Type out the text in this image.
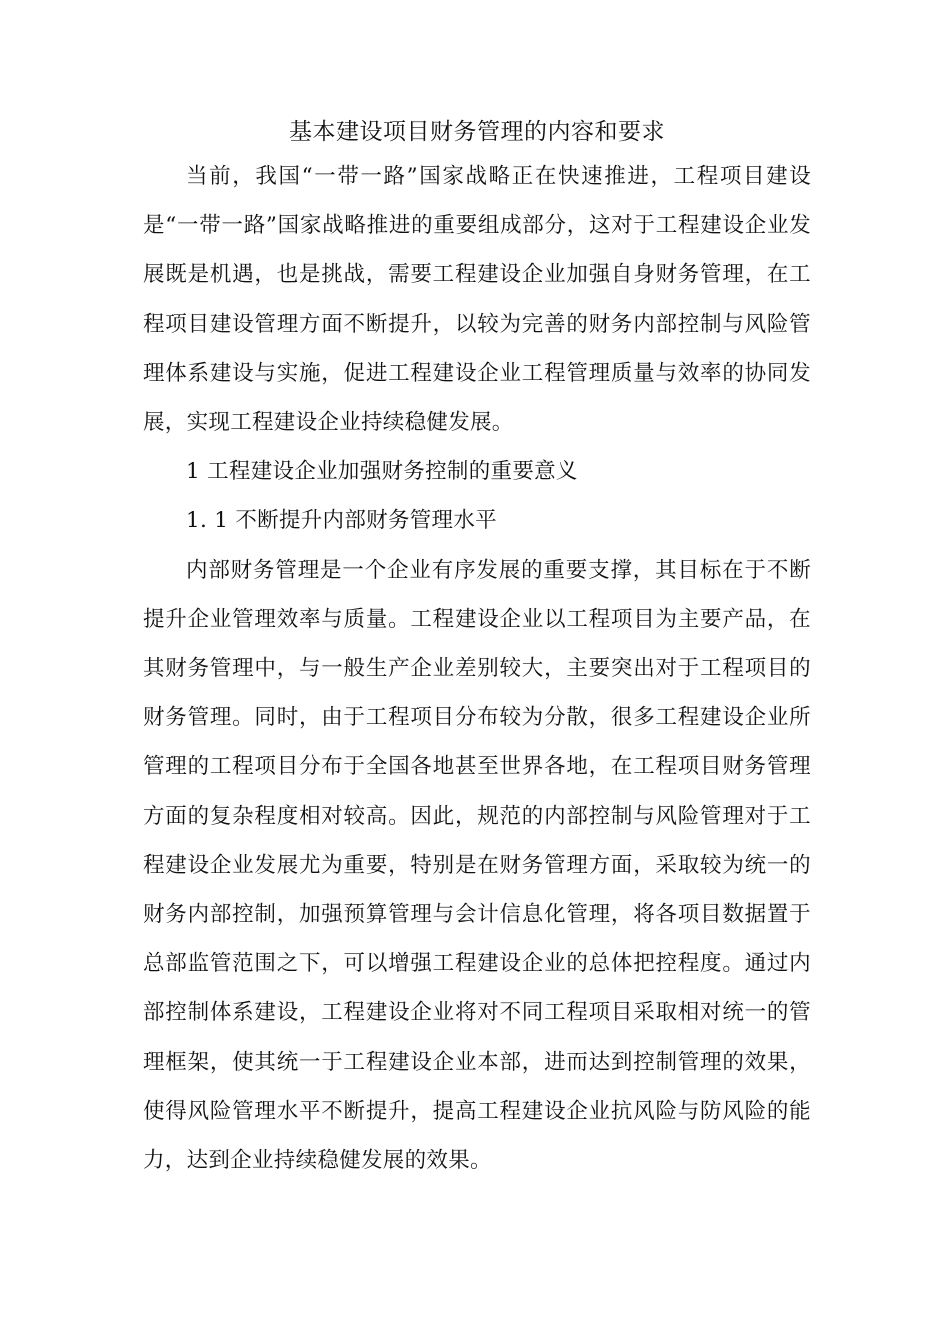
基本建设项目财务管理的内容和要求

当前，我国“一带一路”国家战略正在快速推进，工程项目建设是“一带一路”国家战略推进的重要组成部分，这对于工程建设企业发展既是机遇，也是挑战，需要工程建设企业加强自身财务管理，在工程项目建设管理方面不断提升，以较为完善的财务内部控制与风险管理体系建设与实施，促进工程建设企业工程管理质量与效率的协同发展，实现工程建设企业持续稳健发展。

1 工程建设企业加强财务控制的重要意义

1. 1 不断提升内部财务管理水平

内部财务管理是一个企业有序发展的重要支撑，其目标在于不断提升企业管理效率与质量。工程建设企业以工程项目为主要产品，在其财务管理中，与一般生产企业差别较大，主要突出对于工程项目的财务管理。同时，由于工程项目分布较为分散，很多工程建设企业所管理的工程项目分布于全国各地甚至世界各地，在工程项目财务管理方面的复杂程度相对较高。因此，规范的内部控制与风险管理对于工程建设企业发展尤为重要，特别是在财务管理方面，采取较为统一的财务内部控制，加强预算管理与会计信息化管理，将各项目数据置于总部监管范围之下，可以增强工程建设企业的总体把控程度。通过内部控制体系建设，工程建设企业将对不同工程项目采取相对统一的管理框架，使其统一于工程建设企业本部，进而达到控制管理的效果，使得风险管理水平不断提升，提高工程建设企业抗风险与防风险的能力，达到企业持续稳健发展的效果。
